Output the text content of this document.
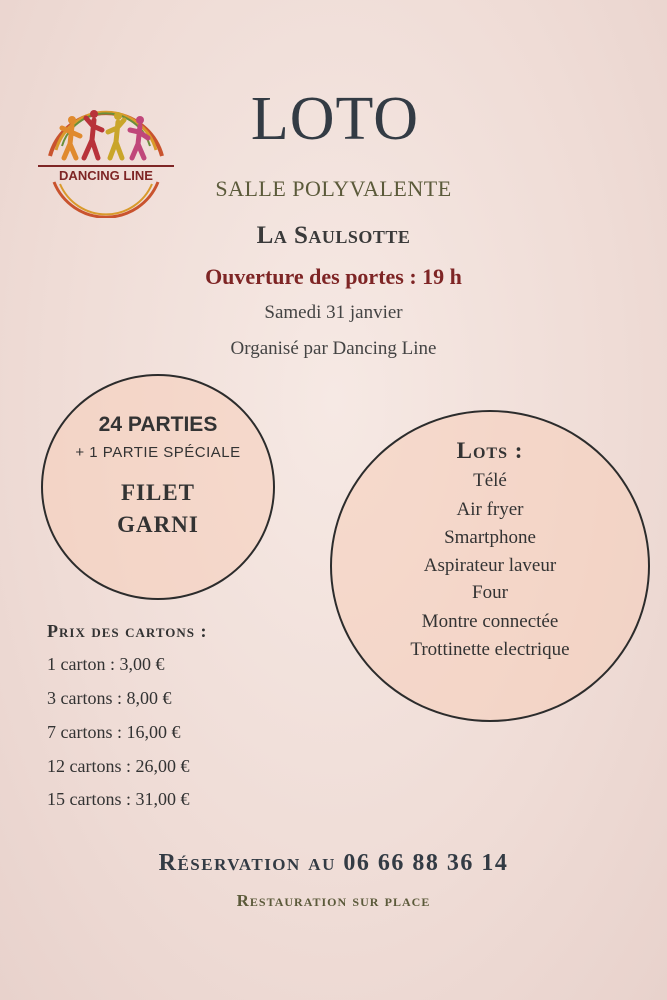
DANCING LINE
LOTO
SALLE POLYVALENTE
La Saulsotte
Ouverture des portes : 19 h
Samedi 31 janvier
Organisé par Dancing Line
24 PARTIES
+ 1 PARTIE SPÉCIALE
FILET
GARNI
Lots :
Télé
Air fryer
Smartphone
Aspirateur laveur
Four
Montre connectée
Trottinette electrique
Prix des cartons :
1 carton : 3,00 €
3 cartons : 8,00 €
7 cartons : 16,00 €
12 cartons : 26,00 €
15 cartons : 31,00 €
Réservation au 06 66 88 36 14
Restauration sur place
